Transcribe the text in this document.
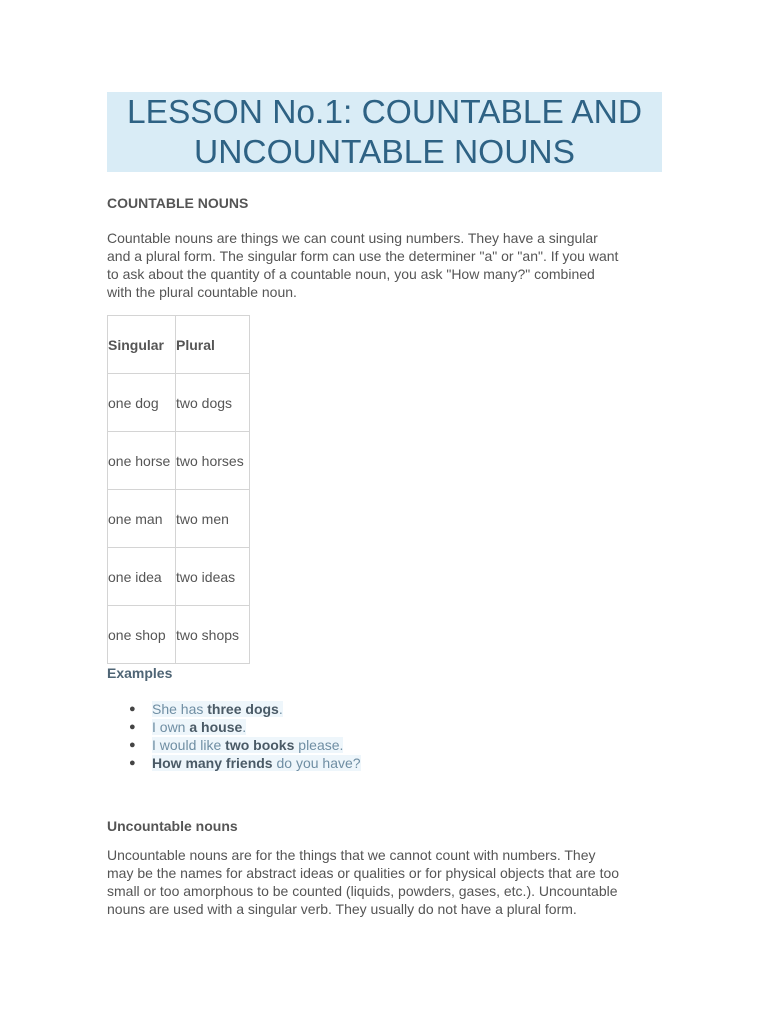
LESSON No.1: COUNTABLE AND
UNCOUNTABLE NOUNS
COUNTABLE NOUNS
Countable nouns are things we can count using numbers. They have a singular
and a plural form. The singular form can use the determiner "a" or "an". If you want
to ask about the quantity of a countable noun, you ask "How many?" combined
with the plural countable noun.
Singular	Plural
one dog	two dogs
one horse	two horses
one man	two men
one idea	two ideas
one shop	two shops
Examples
● She has three dogs.
● I own a house.
● I would like two books please.
● How many friends do you have?
Uncountable nouns
Uncountable nouns are for the things that we cannot count with numbers. They
may be the names for abstract ideas or qualities or for physical objects that are too
small or too amorphous to be counted (liquids, powders, gases, etc.). Uncountable
nouns are used with a singular verb. They usually do not have a plural form.
